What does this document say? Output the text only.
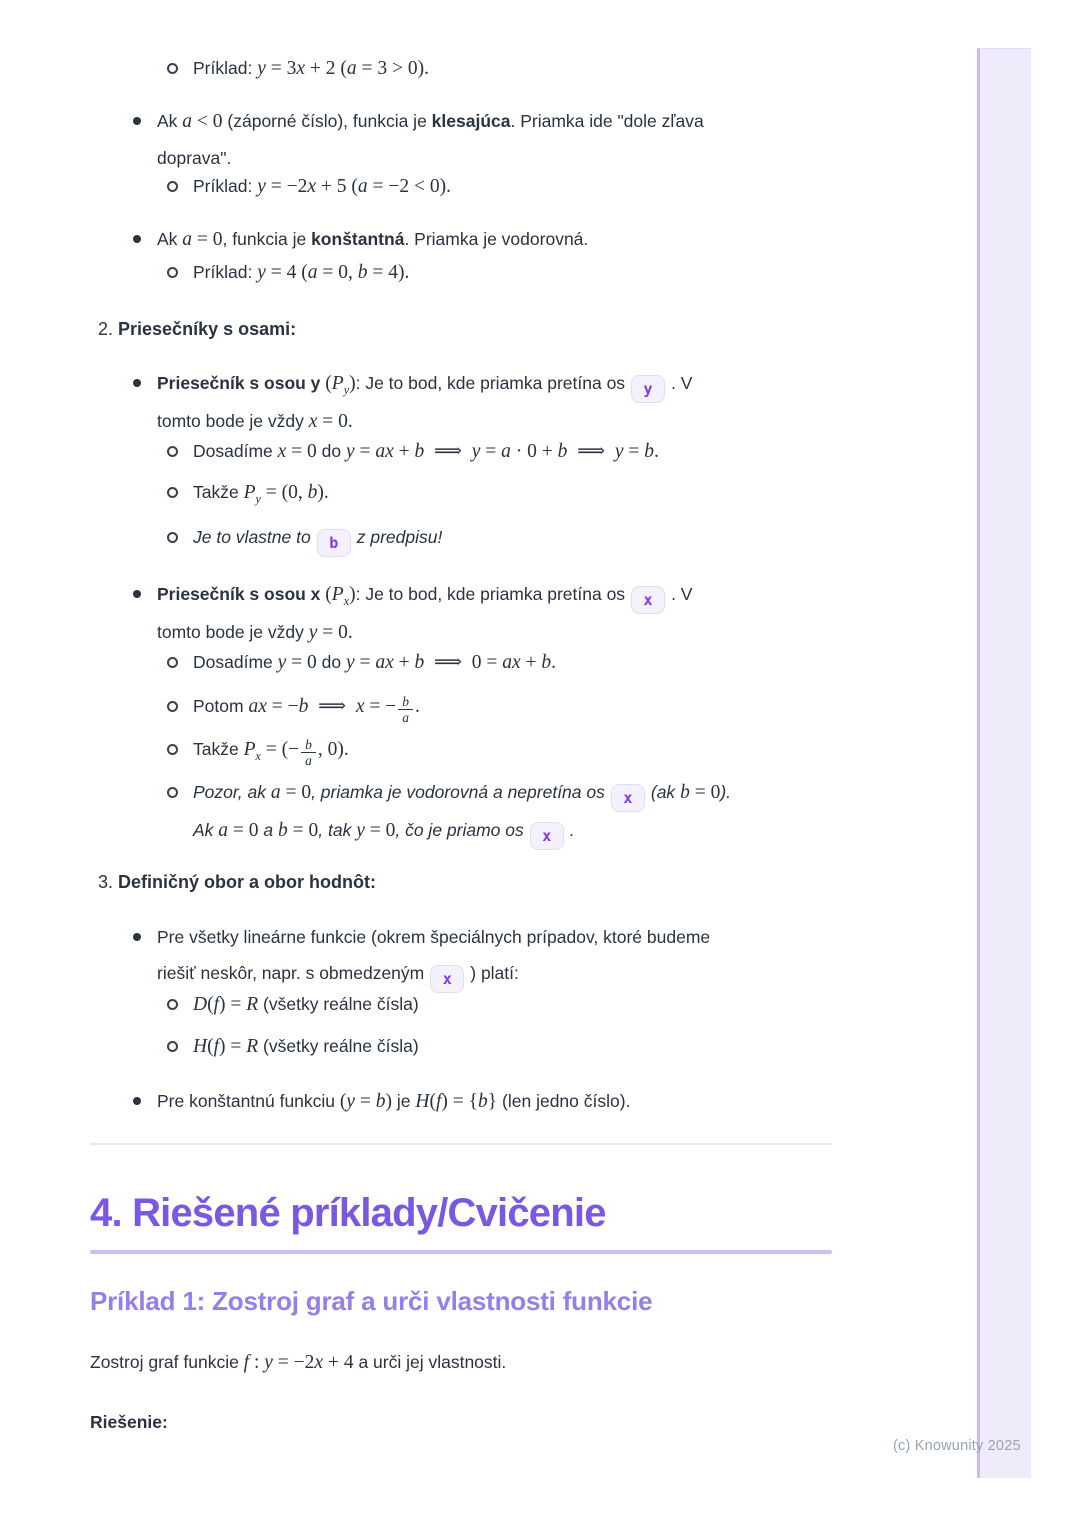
Príklad: y = 3x + 2 (a = 3 > 0).
Ak a < 0 (záporné číslo), funkcia je klesajúca. Priamka ide "dole zľava
doprava".
Príklad: y = −2x + 5 (a = −2 < 0).
Ak a = 0, funkcia je konštantná. Priamka je vodorovná.
Príklad: y = 4 (a = 0, b = 4).
2. Priesečníky s osami:
Priesečník s osou y $(P_y)$: Je to bod, kde priamka pretína os y . V
tomto bode je vždy x = 0.
Dosadíme x = 0 do y = ax + b  ⟹  y = a · 0 + b  ⟹  y = b.
Takže $P_y = (0$, b).
Je to vlastne to b z predpisu!
Priesečník s osou x $(P_x)$: Je to bod, kde priamka pretína os x . V
tomto bode je vždy y = 0.
Dosadíme y = 0 do y = ax + b  ⟹  0 = ax + b.
Potom ax = −b  ⟹  x = − $\frac{b}{a}$ .
Takže $P_x$ = (− $\frac{b}{a}$ , 0).
Pozor, ak a = 0, priamka je vodorovná a nepretína os x (ak b = 0).
Ak a = 0 a b = 0, tak y = 0, čo je priamo os x .
3. Definičný obor a obor hodnôt:
Pre všetky lineárne funkcie (okrem špeciálnych prípadov, ktoré budeme
riešiť neskôr, napr. s obmedzeným x ) platí:
D(f) = R (všetky reálne čísla)
H(f) = R (všetky reálne čísla)
Pre konštantnú funkciu (y = b) je H(f) = {b} (len jedno číslo).
4. Riešené príklady/Cvičenie
Príklad 1: Zostroj graf a urči vlastnosti funkcie
Zostroj graf funkcie f : y = −2x + 4 a urči jej vlastnosti.
Riešenie:
(c) Knowunity 2025
